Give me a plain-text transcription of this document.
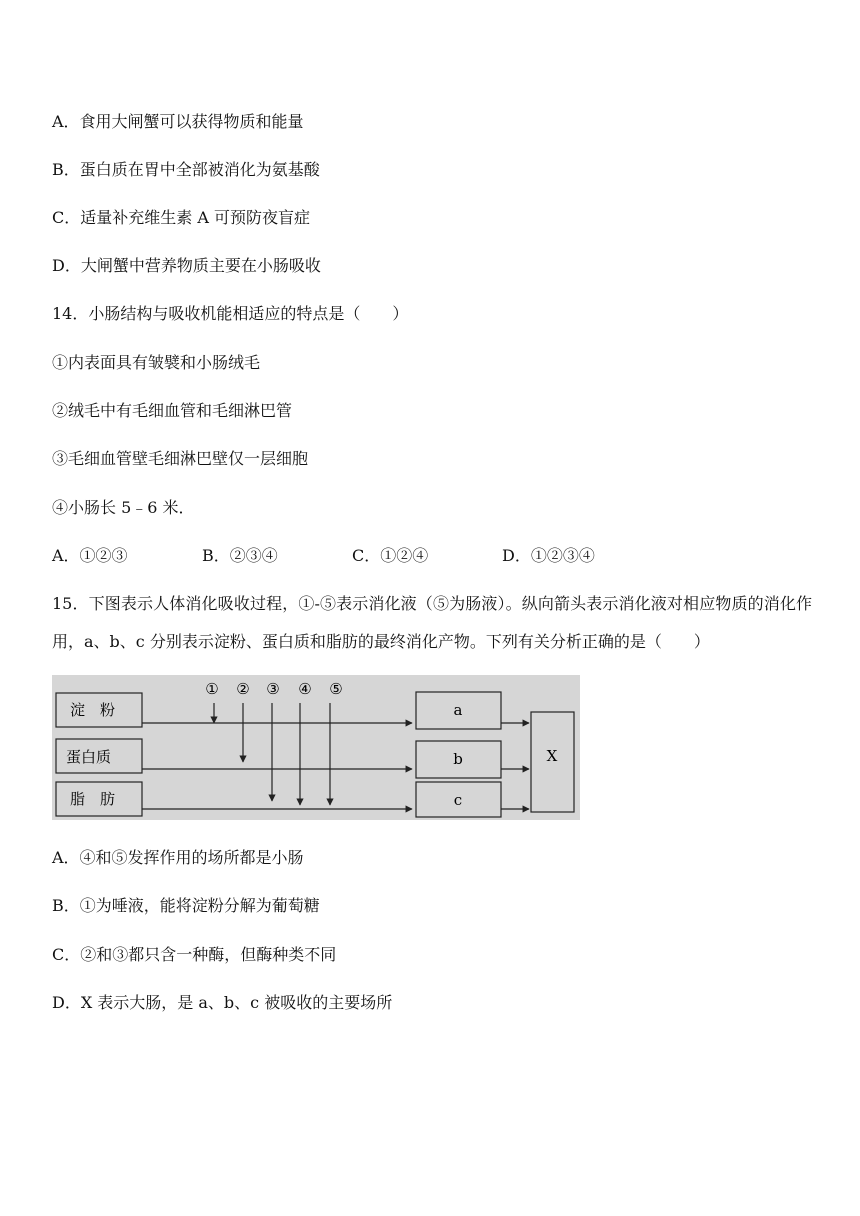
A．食用大闸蟹可以获得物质和能量
B．蛋白质在胃中全部被消化为氨基酸
C．适量补充维生素 A 可预防夜盲症
D．大闸蟹中营养物质主要在小肠吸收
14．小肠结构与吸收机能相适应的特点是（　　）
①内表面具有皱襞和小肠绒毛
②绒毛中有毛细血管和毛细淋巴管
③毛细血管壁毛细淋巴壁仅一层细胞
④小肠长 5﹣6 米．
A．①②③	B．②③④	C．①②④	D．①②③④
15．下图表示人体消化吸收过程，①-⑤表示消化液（⑤为肠液）。纵向箭头表示消化液对相应物质的消化作用，a、b、c 分别表示淀粉、蛋白质和脂肪的最终消化产物。下列有关分析正确的是（　　）
① ② ③ ④ ⑤
淀　粉
蛋白质
脂　肪
a
b
c
X
A．④和⑤发挥作用的场所都是小肠
B．①为唾液，能将淀粉分解为葡萄糖
C．②和③都只含一种酶，但酶种类不同
D．X 表示大肠，是 a、b、c 被吸收的主要场所
